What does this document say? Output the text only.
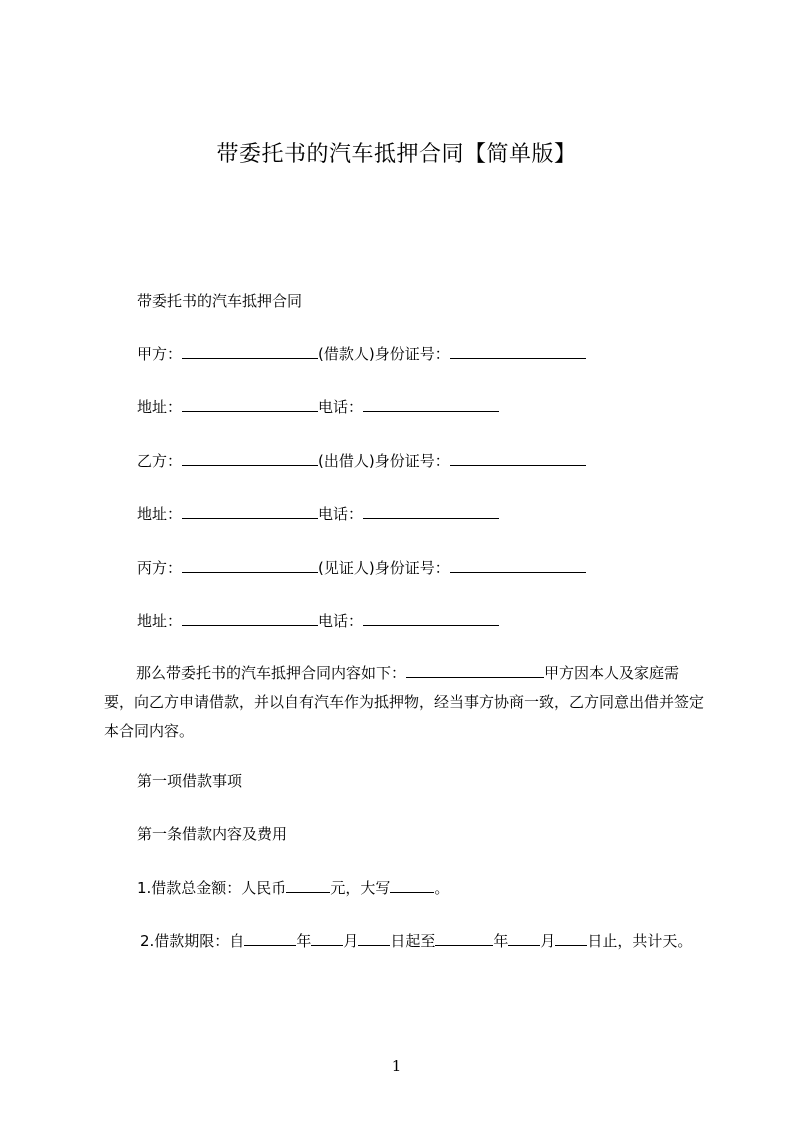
带委托书的汽车抵押合同【简单版】
带委托书的汽车抵押合同
甲方：	(借款人)身份证号：
地址：	电话：
乙方：	(出借人)身份证号：
地址：	电话：
丙方：	(见证人)身份证号：
地址：	电话：
那么带委托书的汽车抵押合同内容如下：	甲方因本人及家庭需要，向乙方申请借款，并以自有汽车作为抵押物，经当事方协商一致，乙方同意出借并签定本合同内容。
第一项借款事项
第一条借款内容及费用
1.借款总金额：人民币	元，大写	。
2.借款期限：自	年 月 日起至	年 月 日止，共计天。
1
